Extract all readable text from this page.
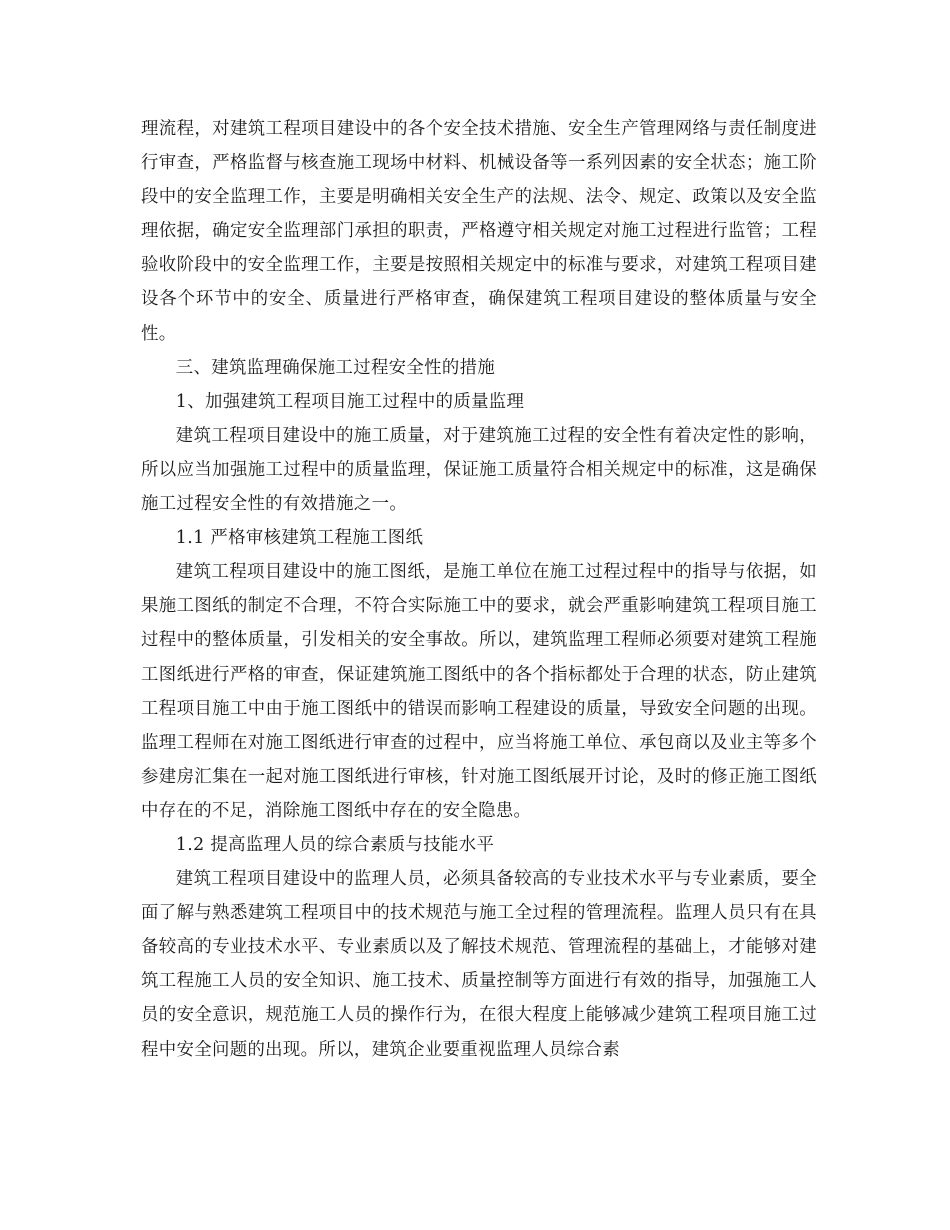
理流程，对建筑工程项目建设中的各个安全技术措施、安全生产管理网络与责任制度进行审查，严格监督与核查施工现场中材料、机械设备等一系列因素的安全状态；施工阶段中的安全监理工作，主要是明确相关安全生产的法规、法令、规定、政策以及安全监理依据，确定安全监理部门承担的职责，严格遵守相关规定对施工过程进行监管；工程验收阶段中的安全监理工作，主要是按照相关规定中的标准与要求，对建筑工程项目建设各个环节中的安全、质量进行严格审查，确保建筑工程项目建设的整体质量与安全性。

三、建筑监理确保施工过程安全性的措施

1、加强建筑工程项目施工过程中的质量监理

建筑工程项目建设中的施工质量，对于建筑施工过程的安全性有着决定性的影响，所以应当加强施工过程中的质量监理，保证施工质量符合相关规定中的标准，这是确保施工过程安全性的有效措施之一。

1.1 严格审核建筑工程施工图纸

建筑工程项目建设中的施工图纸，是施工单位在施工过程过程中的指导与依据，如果施工图纸的制定不合理，不符合实际施工中的要求，就会严重影响建筑工程项目施工过程中的整体质量，引发相关的安全事故。所以，建筑监理工程师必须要对建筑工程施工图纸进行严格的审查，保证建筑施工图纸中的各个指标都处于合理的状态，防止建筑工程项目施工中由于施工图纸中的错误而影响工程建设的质量，导致安全问题的出现。监理工程师在对施工图纸进行审查的过程中，应当将施工单位、承包商以及业主等多个参建房汇集在一起对施工图纸进行审核，针对施工图纸展开讨论，及时的修正施工图纸中存在的不足，消除施工图纸中存在的安全隐患。

1.2 提高监理人员的综合素质与技能水平

建筑工程项目建设中的监理人员，必须具备较高的专业技术水平与专业素质，要全面了解与熟悉建筑工程项目中的技术规范与施工全过程的管理流程。监理人员只有在具备较高的专业技术水平、专业素质以及了解技术规范、管理流程的基础上，才能够对建筑工程施工人员的安全知识、施工技术、质量控制等方面进行有效的指导，加强施工人员的安全意识，规范施工人员的操作行为，在很大程度上能够减少建筑工程项目施工过程中安全问题的出现。所以，建筑企业要重视监理人员综合素
